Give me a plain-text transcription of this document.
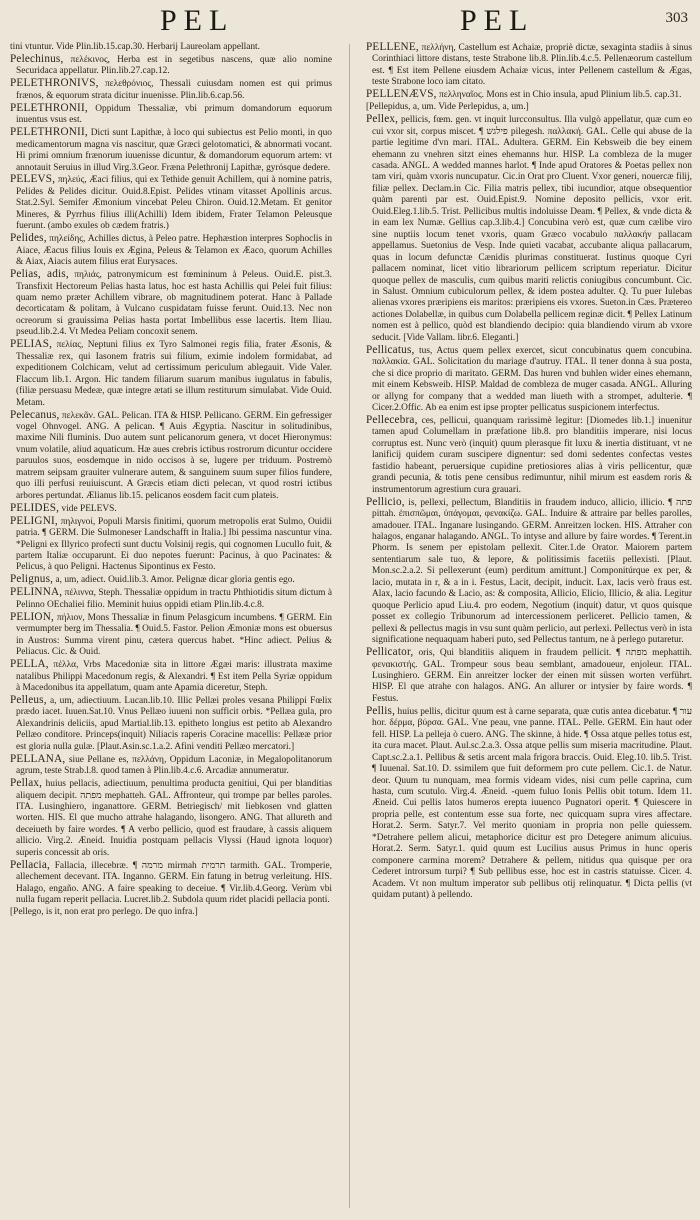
PEL	PEL	303

tini vtuntur. Vide Plin.lib.15.cap.30. Herbarij Laureolam appellant.

Pelechinus, πελέκινος, Herba est in segetibus nascens, quæ alio nomine Securidaca appellatur. Plin.lib.27.cap.12.

PELETHRONIVS, πελεθρόνιος, Thessali cuiusdam nomen est qui primus frænos, & equorum strata dicitur inuenisse. Plin.lib.6.cap.56.

PELETHRONII, Oppidum Thessaliæ, vbi primum domandorum equorum inuentus vsus est.

PELETHRONII, Dicti sunt Lapithæ, à loco qui subiectus est Pelio monti, in quo medicamentorum magna vis nascitur, quæ Græci gelotomatici, & abnormati vocant. Hi primi omnium frænorum iuuenisse dicuntur, & domandorum equorum artem: vt annotauit Seruius in illud Virg.3.Geor. Fræna Pelethronij Lapithæ, gyrósque dedere.

PELEVS, πηλεύς, Æaci filius, qui ex Tethide genuit Achillem, qui à nomine patris, Pelides & Pelides dicitur. Ouid.8.Epist. Pelides vtinam vitasset Apollinis arcus. Stat.2.Syl. Semifer Æmonium vincebat Peleu Chiron. Ouid.12.Metam. Et genitor Mineres, & Pyrrhus filius illi(Achilli) Idem ibidem, Frater Telamon Peleusque fuerunt. (ambo exules ob cædem fratris.)

Pelides, πηλείδης, Achilles dictus, à Peleo patre. Hephæstion interpres Sophoclis in Aiace, Æacus filius Iouis ex Ægina, Peleus & Telamon ex Æaco, quorum Achilles & Aiax, Aiacis autem filius erat Eurysaces.

Pelias, adis, πηλιάς, patronymicum est fœmininum à Peleus. Ouid.E. pist.3. Transfixit Hectoreum Pelias hasta latus, hoc est hasta Achillis qui Pelei fuit filius: quam nemo præter Achillem vibrare, ob magnitudinem poterat. Hanc à Pallade decorticatam & politam, à Vulcano cuspidatam fuisse ferunt. Ouid.13. Nec non ocreorum si grauissima Pelias hasta portat Imbellibus esse lacertis. Item Iliau. pseud.lib.2.4. Vt Medea Peliam concoxit senem.

PELIAS, πελίας, Neptuni filius ex Tyro Salmonei regis filia, frater Æsonis, & Thessaliæ rex, qui Iasonem fratris sui filium, eximie indolem formidabat, ad expeditionem Colchicam, velut ad certissimum periculum ablegauit. Vide Valer. Flaccum lib.1. Argon. Hic tandem filiarum suarum manibus iugulatus in fabulis, (filiæ persuasu Medeæ, quæ integre ætati se illum restiturum simulabat. Vide Ouid. Metam.

Pelecanus, πελεκᾶν. GAL. Pelican. ITA & HISP. Pellicano. GERM. Ein gefressiger vogel Ohnvogel. ANG. A pelican. ¶ Auis Ægyptia. Nascitur in solitudinibus, maxime Nili fluminis. Duo autem sunt pelicanorum genera, vt docet Hieronymus: vnum volatile, aliud aquaticum. Hæ aues crebris ictibus rostrorum dicuntur occidere paruulos suos, eosdemque in nido occisos à se, lugere per triduum. Postremò matrem seipsam grauiter vulnerare autem, & sanguinem suum super filios fundere, quo illi perfusi reuiuiscunt. A Græcis etiam dicti pelecan, vt quod rostri ictibus arbores pertundat. Ælianus lib.15. pelicanos eosdem facit cum plateis.

PELIDES, vide PELEVS.

PELIGNI, πηλιγνοί, Populi Marsis finitimi, quorum metropolis erat Sulmo, Ouidii patria. ¶ GERM. Die Sulmoneser Landschafft in Italia.] Ibi pessima nascuntur vina. *Peligni ex Illyrico profecti sunt ductu Volsinij regis, qui cognomen Lucullo fuit, & partem Italiæ occuparunt. Ei duo nepotes fuerunt: Pacinus, à quo Pacinates: & Pelicus, à quo Peligni. Hactenus Sipontinus ex Festo.

Pelignus, a, um, adiect. Ouid.lib.3. Amor. Pelignæ dicar gloria gentis ego.

PELINNA, πέλιννα, Steph. Thessaliæ oppidum in tractu Phthiotidis situm dictum à Pelinno OEchaliei filio. Meminit huius oppidi etiam Plin.lib.4.c.8.

PELION, πήλιον, Mons Thessaliæ in finum Pelasgicum incumbens. ¶ GERM. Ein vermumpter berg im Thessalia. ¶ Ouid.5. Fastor. Pelion Æmoniæ mons est obuersus in Austros: Summa virent pinu, cætera quercus habet. *Hinc adiect. Pelius & Peliacus. Cic. & Ouid.

PELLA, πέλλα, Vrbs Macedoniæ sita in littore Ægæi maris: illustrata maxime natalibus Philippi Macedonum regis, & Alexandri. ¶ Est item Pella Syriæ oppidum à Macedonibus ita appellatum, quam ante Apamia diceretur, Steph.

Pelleus, a, um, adiectiuum. Lucan.lib.10. Illic Pellæi proles vesana Philippi Fœlix prædo iacet. Iuuen.Sat.10. Vnus Pellæo iuueni non sufficit orbis. *Pellæa gula, pro Alexandrinis deliciis, apud Martial.lib.13. epitheto longius est petito ab Alexandro Pellæo conditore. Princeps(inquit) Niliacis raperis Coracine macellis: Pellææ prior est gloria nulla gulæ. [Plaut.Asin.sc.1.a.2. Afini venditi Pellæo mercatori.]

PELLANA, siue Pellane es, πελλάνη, Oppidum Laconiæ, in Megalopolitanorum agrum, teste Strab.l.8. quod tamen à Plin.lib.4.c.6. Arcadiæ annumeratur.

Pellax, huius pellacis, adiectiuum, penultima producta genitiui, Qui per blanditias aliquem decipit. מפתה mephatteh. GAL. Affronteur, qui trompe par belles paroles. ITA. Lusinghiero, inganattore. GERM. Betriegisch/ mit liebkosen vnd glatten worten. HIS. El que mucho attrahe halagando, lisongero. ANG. That allureth and deceiueth by faire wordes. ¶ A verbo pellicio, quod est fraudare, à cassis aliquem allicio. Virg.2. Æneid. Inuidia postquam pellacis Vlyssi (Haud ignota loquor) superis concessit ab oris.

Pellacia, Fallacia, illecebræ. ¶ מרמה mirmah תרמית tarmith. GAL. Tromperie, allechement decevant. ITA. Inganno. GERM. Ein fatung in betrug verleitung. HIS. Halago, engaño. ANG. A faire speaking to deceiue. ¶ Vir.lib.4.Georg. Verùm vbi nulla fugam reperit pellacia. Lucret.lib.2. Subdola quum ridet placidi pellacia ponti.

[Pellego, is it, non erat pro perlego. De quo infra.]

PELLENE, πελλήνη, Castellum est Achaiæ, propriè dictæ, sexaginta stadiis à sinus Corinthiaci littore distans, teste Strabone lib.8. Plin.lib.4.c.5. Pellenæorum castellum est. ¶ Est item Pellene eiusdem Achaiæ vicus, inter Pellenem castellum & Ægas, teste Strabone loco iam citato.

PELLENÆVS, πελληναῖος. Mons est in Chio insula, apud Plinium lib.5. cap.31.

[Pellepidus, a, um. Vide Perlepidus, a, um.]

Pellex, pellicis, fœm. gen. vt inquit lurcconsultus. Illa vulgò appellatur, quæ cum eo cui vxor sit, corpus miscet. ¶ פילגש pilegesh. παλλακή. GAL. Celle qui abuse de la partie legitime d'vn mari. ITAL. Adultera. GERM. Ein Kebsweib die bey einem ehemann zu vnehren sitzt eines ehemanns hur. HISP. La combleza de la muger casada. ANGL. A wedded mannes harlot. ¶ Inde apud Oratores & Poetas pellex non tam viri, quàm vxoris nuncupatur. Cic.in Orat pro Cluent. Vxor generi, nouercæ filij, filiæ pellex. Declam.in Cic. Filia matris pellex, tibi iucundior, atque obsequentior quàm parenti par est. Ouid.Epist.9. Nomine deposito pellicis, vxor erit. Ouid.Eleg.1.lib.5. Trist. Pellicibus multis indoluisse Deam. ¶ Pellex, & vnde dicta & in eam lex Numæ. Gellius cap.3.lib.4.] Concubina verò est, quæ cum cælibe viro sine nuptiis locum tenet vxoris, quam Græco vocabulo παλλακήν pallacam appellamus. Suetonius de Vesp. Inde quieti vacabat, accubante aliqua pallacarum, quas in locum defunctæ Cænidis plurimas constituerat. Iustinus quoque Cyri pallacem nominat, licet vitio librariorum pellicem scriptum reperiatur. Dicitur quoque pellex de masculis, cum quibus mariti relictis coniugibus concumbunt. Cic. in Salust. Omnium cubiculorum pellex, & idem postea adulter. Q. Tu puer Iulebas alienas vxores præripiens eis maritos: præripiens eis vxores. Sueton.in Cæs. Prætereo actiones Dolabellæ, in quibus cum Dolabella pellicem reginæ dicit. ¶ Pellex Latinum nomen est à pellico, quòd est blandiendo decipio: quia blandiendo virum ab vxore seducit. [Vide Vallam. libr.6. Eleganti.]

Pellicatus, tus, Actus quem pellex exercet, sicut concubinatus quem concubina. παλλακία. GAL. Solicitation du mariage d'autruy. ITAL. Il tener donna à sua posta, che si dice proprio di maritato. GERM. Das huren vnd buhlen wider eines ehemann, mit einem Kebsweib. HISP. Maldad de combleza de muger casada. ANGL. Alluring or allyng for company that a wedded man liueth with a strompet, adulterie. ¶ Cicer.2.Offic. Ab ea enim est ipse propter pellicatus suspicionem interfectus.

Pellecebra, ces, pellicui, quanquam rarissimè legitur: [Diomedes lib.1.] inuenitur tamen apud Columellam in præfatione lib.8. pro blanditiis imperare, nisi locus corruptus est. Nunc verò (inquit) quum plerasque fit luxu & inertia distituant, vt ne lanificij quidem curam suscipere dignentur: sed domi sedentes confectas vestes fastidio habeant, peruersique cupidine pretiosiores alias à viris pellicentur, quæ grandi pecunia, & totis pene censibus redimuntur, nihil mirum est easdem roris & instrumentorum agrestium cura grauari.

Pellicio, is, pellexi, pellectum, Blanditiis in fraudem induco, allicio, illicio. ¶ פתה pittah. ἐπισπῶμαι, ὑπάγομαι, φενακίζω. GAL. Induire & attraire par belles parolles, amadouer. ITAL. Inganare lusingando. GERM. Anreitzen locken. HIS. Attraher con halagos, enganar halagando. ANGL. To intyse and allure by faire wordes. ¶ Terent.in Phorm. Is senem per epistolam pellexit. Citer.1.de Orator. Maiorem partem sententiarum sale tuo, & lepore, & politissimis facetiis pellexisti. [Plaut. Mon.sc.2.a.2. Si pellexerunt (eum) perditum amittunt.] Componitúrque ex per, & lacio, mutata in r, & a in i. Festus, Lacit, decipit, inducit. Lax, lacis verò fraus est. Alax, lacio facundo & Lacio, as: & composita, Allicio, Elicio, Illicio, & alia. Legitur quoque Perlicio apud Liu.4. pro eodem, Negotium (inquit) datur, vt quos quisque posset ex collegio Tribunorum ad intercessionem perliceret. Pellicio tamen, & pellexi & pellectus magis in vsu sunt quàm perlicio, aut perlexi. Pellectus verò in ista significatione nequaquam haberi puto, sed Pellectus tantum, ne à perlego putaretur.

Pellicator, oris, Qui blanditiis aliquem in fraudem pellicit. ¶ מפתה mephattih. φενακιστής. GAL. Trompeur sous beau semblant, amadoueur, enjoleur. ITAL. Lusinghiero. GERM. Ein anreitzer locker der einen mit süssen worten verführt. HISP. El que atrahe con halagos. ANG. An allurer or intysier by faire words. ¶ Festus.

Pellis, huius pellis, dicitur quum est à carne separata, quæ cutis antea dicebatur. ¶ עור hor. δέρμα, βύρσα. GAL. Vne peau, vne panne. ITAL. Pelle. GERM. Ein haut oder fell. HISP. La pelleja ò cuero. ANG. The skinne, à hide. ¶ Ossa atque pelles totus est, ita cura macet. Plaut. Aul.sc.2.a.3. Ossa atque pellis sum miseria macritudine. Plaut. Capt.sc.2.a.1. Pellibus & setis arcent mala frigora braccis. Ouid. Eleg.10. lib.5. Trist. ¶ Iuuenal. Sat.10. D. ssimilem que fuit deformem pro cute pellem. Cic.1. de Natur. deor. Quum tu nunquam, mea formis videam vides, nisi cum pelle caprina, cum hasta, cum scutulo. Virg.4. Æneid. -quem fuluo Ionis Pellis obit totum. Idem 11. Æneid. Cui pellis latos humeros erepta iuuenco Pugnatori operit. ¶ Quiescere in propria pelle, est contentum esse sua forte, nec quicquam supra vires affectare. Horat.2. Serm. Satyr.7. Vel merito quoniam in propria non pelle quiessem. *Detrahere pellem alicui, metaphorice dicitur est pro Detegere animum alicuius. Horat.2. Serm. Satyr.1. quid quum est Lucilius ausus Primus in hunc operis componere carmina morem? Detrahere & pellem, nitidus qua quisque per ora Cederet introrsum turpi? ¶ Sub pellibus esse, hoc est in castris statuisse. Cicer. 4. Academ. Vt non multum imperator sub pellibus otij relinquatur. ¶ Dicta pellis (vt quidam putant) à pellendo.
